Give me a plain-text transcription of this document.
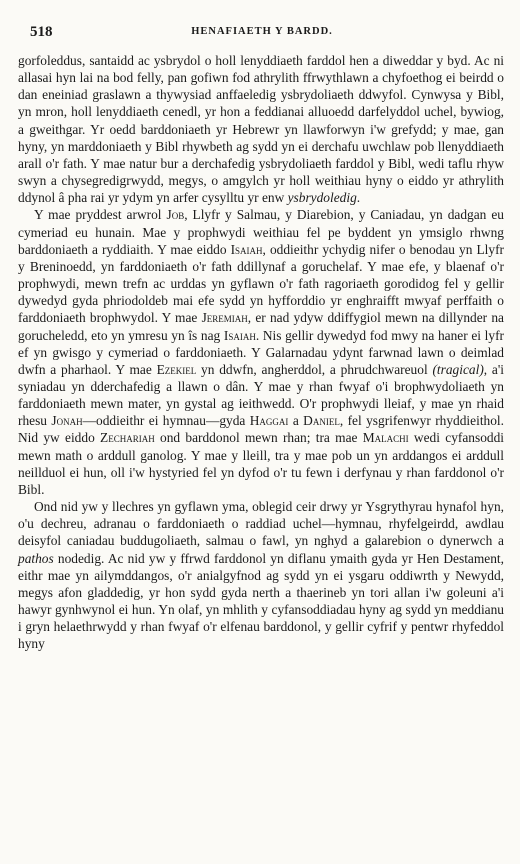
518	HENAFIAETH Y BARDD.

gorfoleddus, santaidd ac ysbrydol o holl lenyddiaeth farddol hen a diweddar y byd. Ac ni allasai hyn lai na bod felly, pan gofiwn fod athrylith ffrwythlawn a chyfoethog ei beirdd o dan eneiniad graslawn a thywysiad anffaeledig ysbrydoliaeth ddwyfol. Cynwysa y Bibl, yn mron, holl lenyddiaeth cenedl, yr hon a feddianai alluoedd darfelyddol uchel, bywiog, a gweithgar. Yr oedd barddoniaeth yr Hebrewr yn llawforwyn i'w grefydd; y mae, gan hyny, yn marddoniaeth y Bibl rhywbeth ag sydd yn ei derchafu uwchlaw pob llenyddiaeth arall o'r fath. Y mae natur bur a derchafedig ysbrydoliaeth farddol y Bibl, wedi taflu rhyw swyn a chysegredigrwydd, megys, o amgylch yr holl weithiau hyny o eiddo yr athrylith ddynol â pha rai yr ydym yn arfer cysylltu yr enw ysbrydoledig.

Y mae pryddest arwrol Job, Llyfr y Salmau, y Diarebion, y Caniadau, yn dadgan eu cymeriad eu hunain. Mae y prophwydi weithiau fel pe byddent yn ymsiglo rhwng barddoniaeth a ryddiaith. Y mae eiddo Isaiah, oddieithr ychydig nifer o benodau yn Llyfr y Breninoedd, yn farddoniaeth o'r fath ddillynaf a goruchelaf. Y mae efe, y blaenaf o'r prophwydi, mewn trefn ac urddas yn gyflawn o'r fath ragoriaeth gorodidog fel y gellir dywedyd gyda phriodoldeb mai efe sydd yn hyfforddio yr enghraifft mwyaf perffaith o farddoniaeth brophwydol. Y mae Jeremiah, er nad ydyw ddiffygiol mewn na dillynder na gorucheledd, eto yn ymresu yn îs nag Isaiah. Nis gellir dywedyd fod mwy na haner ei lyfr ef yn gwisgo y cymeriad o farddoniaeth. Y Galarnadau ydynt farwnad lawn o deimlad dwfn a pharhaol. Y mae Ezekiel yn ddwfn, angherddol, a phrudchwareuol (tragical), a'i syniadau yn dderchafedig a llawn o dân. Y mae y rhan fwyaf o'i brophwydoliaeth yn farddoniaeth mewn mater, yn gystal ag ieithwedd. O'r prophwydi lleiaf, y mae yn rhaid rhesu Jonah—oddieithr ei hymnau—gyda Haggai a Daniel, fel ysgrifenwyr rhyddieithol. Nid yw eiddo Zechariah ond barddonol mewn rhan; tra mae Malachi wedi cyfansoddi mewn math o arddull ganolog. Y mae y lleill, tra y mae pob un yn arddangos ei arddull neillduol ei hun, oll i'w hystyried fel yn dyfod o'r tu fewn i derfynau y rhan farddonol o'r Bibl.

Ond nid yw y llechres yn gyflawn yma, oblegid ceir drwy yr Ysgrythyrau hynafol hyn, o'u dechreu, adranau o farddoniaeth o raddiad uchel—hymnau, rhyfelgeirdd, awdlau deisyfol caniadau buddugoliaeth, salmau o fawl, yn nghyd a galarebion o dynerwch a pathos nodedig. Ac nid yw y ffrwd farddonol yn diflanu ymaith gyda yr Hen Destament, eithr mae yn ailymddangos, o'r anialgyfnod ag sydd yn ei ysgaru oddiwrth y Newydd, megys afon gladdedig, yr hon sydd gyda nerth a thaerineb yn tori allan i'w goleuni a'i hawyr gynhwynol ei hun. Yn olaf, yn mhlith y cyfansoddiadau hyny ag sydd yn meddianu i gryn helaethrwydd y rhan fwyaf o'r elfenau barddonol, y gellir cyfrif y pentwr rhyfeddol hyny
